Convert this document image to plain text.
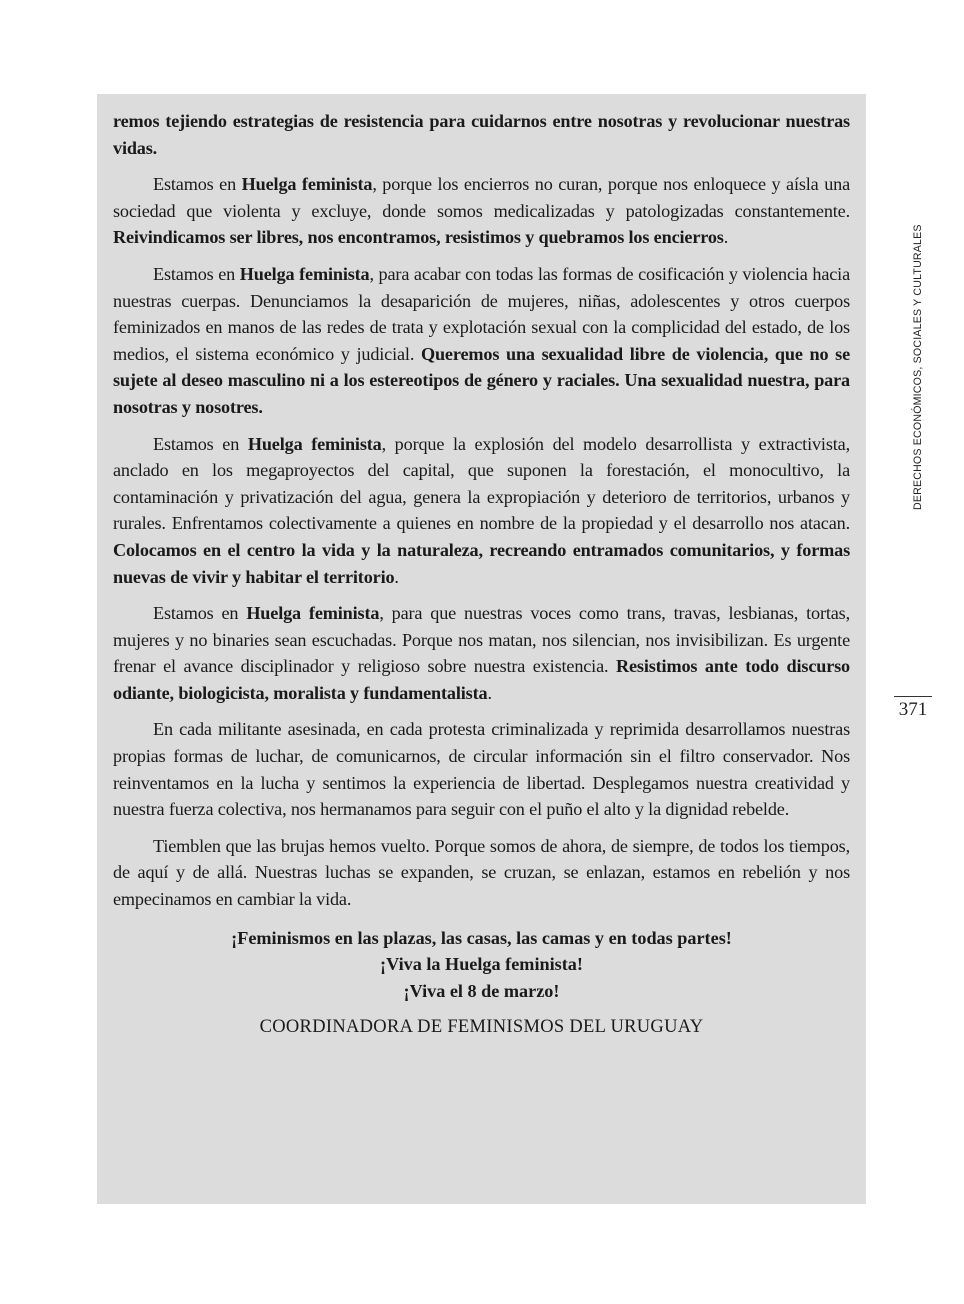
remos tejiendo estrategias de resistencia para cuidarnos entre nosotras y revolucionar nuestras vidas.

Estamos en Huelga feminista, porque los encierros no curan, porque nos enloquece y aísla una sociedad que violenta y excluye, donde somos medicalizadas y patologizadas constantemente. Reivindicamos ser libres, nos encontramos, resistimos y quebramos los encierros.

Estamos en Huelga feminista, para acabar con todas las formas de cosificación y violencia hacia nuestras cuerpas. Denunciamos la desaparición de mujeres, niñas, adolescentes y otros cuerpos feminizados en manos de las redes de trata y explotación sexual con la complicidad del estado, de los medios, el sistema económico y judicial. Queremos una sexualidad libre de violencia, que no se sujete al deseo masculino ni a los estereotipos de género y raciales. Una sexualidad nuestra, para nosotras y nosotres.

Estamos en Huelga feminista, porque la explosión del modelo desarrollista y extractivista, anclado en los megaproyectos del capital, que suponen la forestación, el monocultivo, la contaminación y privatización del agua, genera la expropiación y deterioro de territorios, urbanos y rurales. Enfrentamos colectivamente a quienes en nombre de la propiedad y el desarrollo nos atacan. Colocamos en el centro la vida y la naturaleza, recreando entramados comunitarios, y formas nuevas de vivir y habitar el territorio.

Estamos en Huelga feminista, para que nuestras voces como trans, travas, lesbianas, tortas, mujeres y no binaries sean escuchadas. Porque nos matan, nos silencian, nos invisibilizan. Es urgente frenar el avance disciplinador y religioso sobre nuestra existencia. Resistimos ante todo discurso odiante, biologicista, moralista y fundamentalista.

En cada militante asesinada, en cada protesta criminalizada y reprimida desarrollamos nuestras propias formas de luchar, de comunicarnos, de circular información sin el filtro conservador. Nos reinventamos en la lucha y sentimos la experiencia de libertad. Desplegamos nuestra creatividad y nuestra fuerza colectiva, nos hermanamos para seguir con el puño el alto y la dignidad rebelde.

Tiemblen que las brujas hemos vuelto. Porque somos de ahora, de siempre, de todos los tiempos, de aquí y de allá. Nuestras luchas se expanden, se cruzan, se enlazan, estamos en rebelión y nos empecinamos en cambiar la vida.

¡Feminismos en las plazas, las casas, las camas y en todas partes!

¡Viva la Huelga feminista!

¡Viva el 8 de marzo!

COORDINADORA DE FEMINISMOS DEL URUGUAY

DERECHOS ECONÓMICOS, SOCIALES Y CULTURALES
371
